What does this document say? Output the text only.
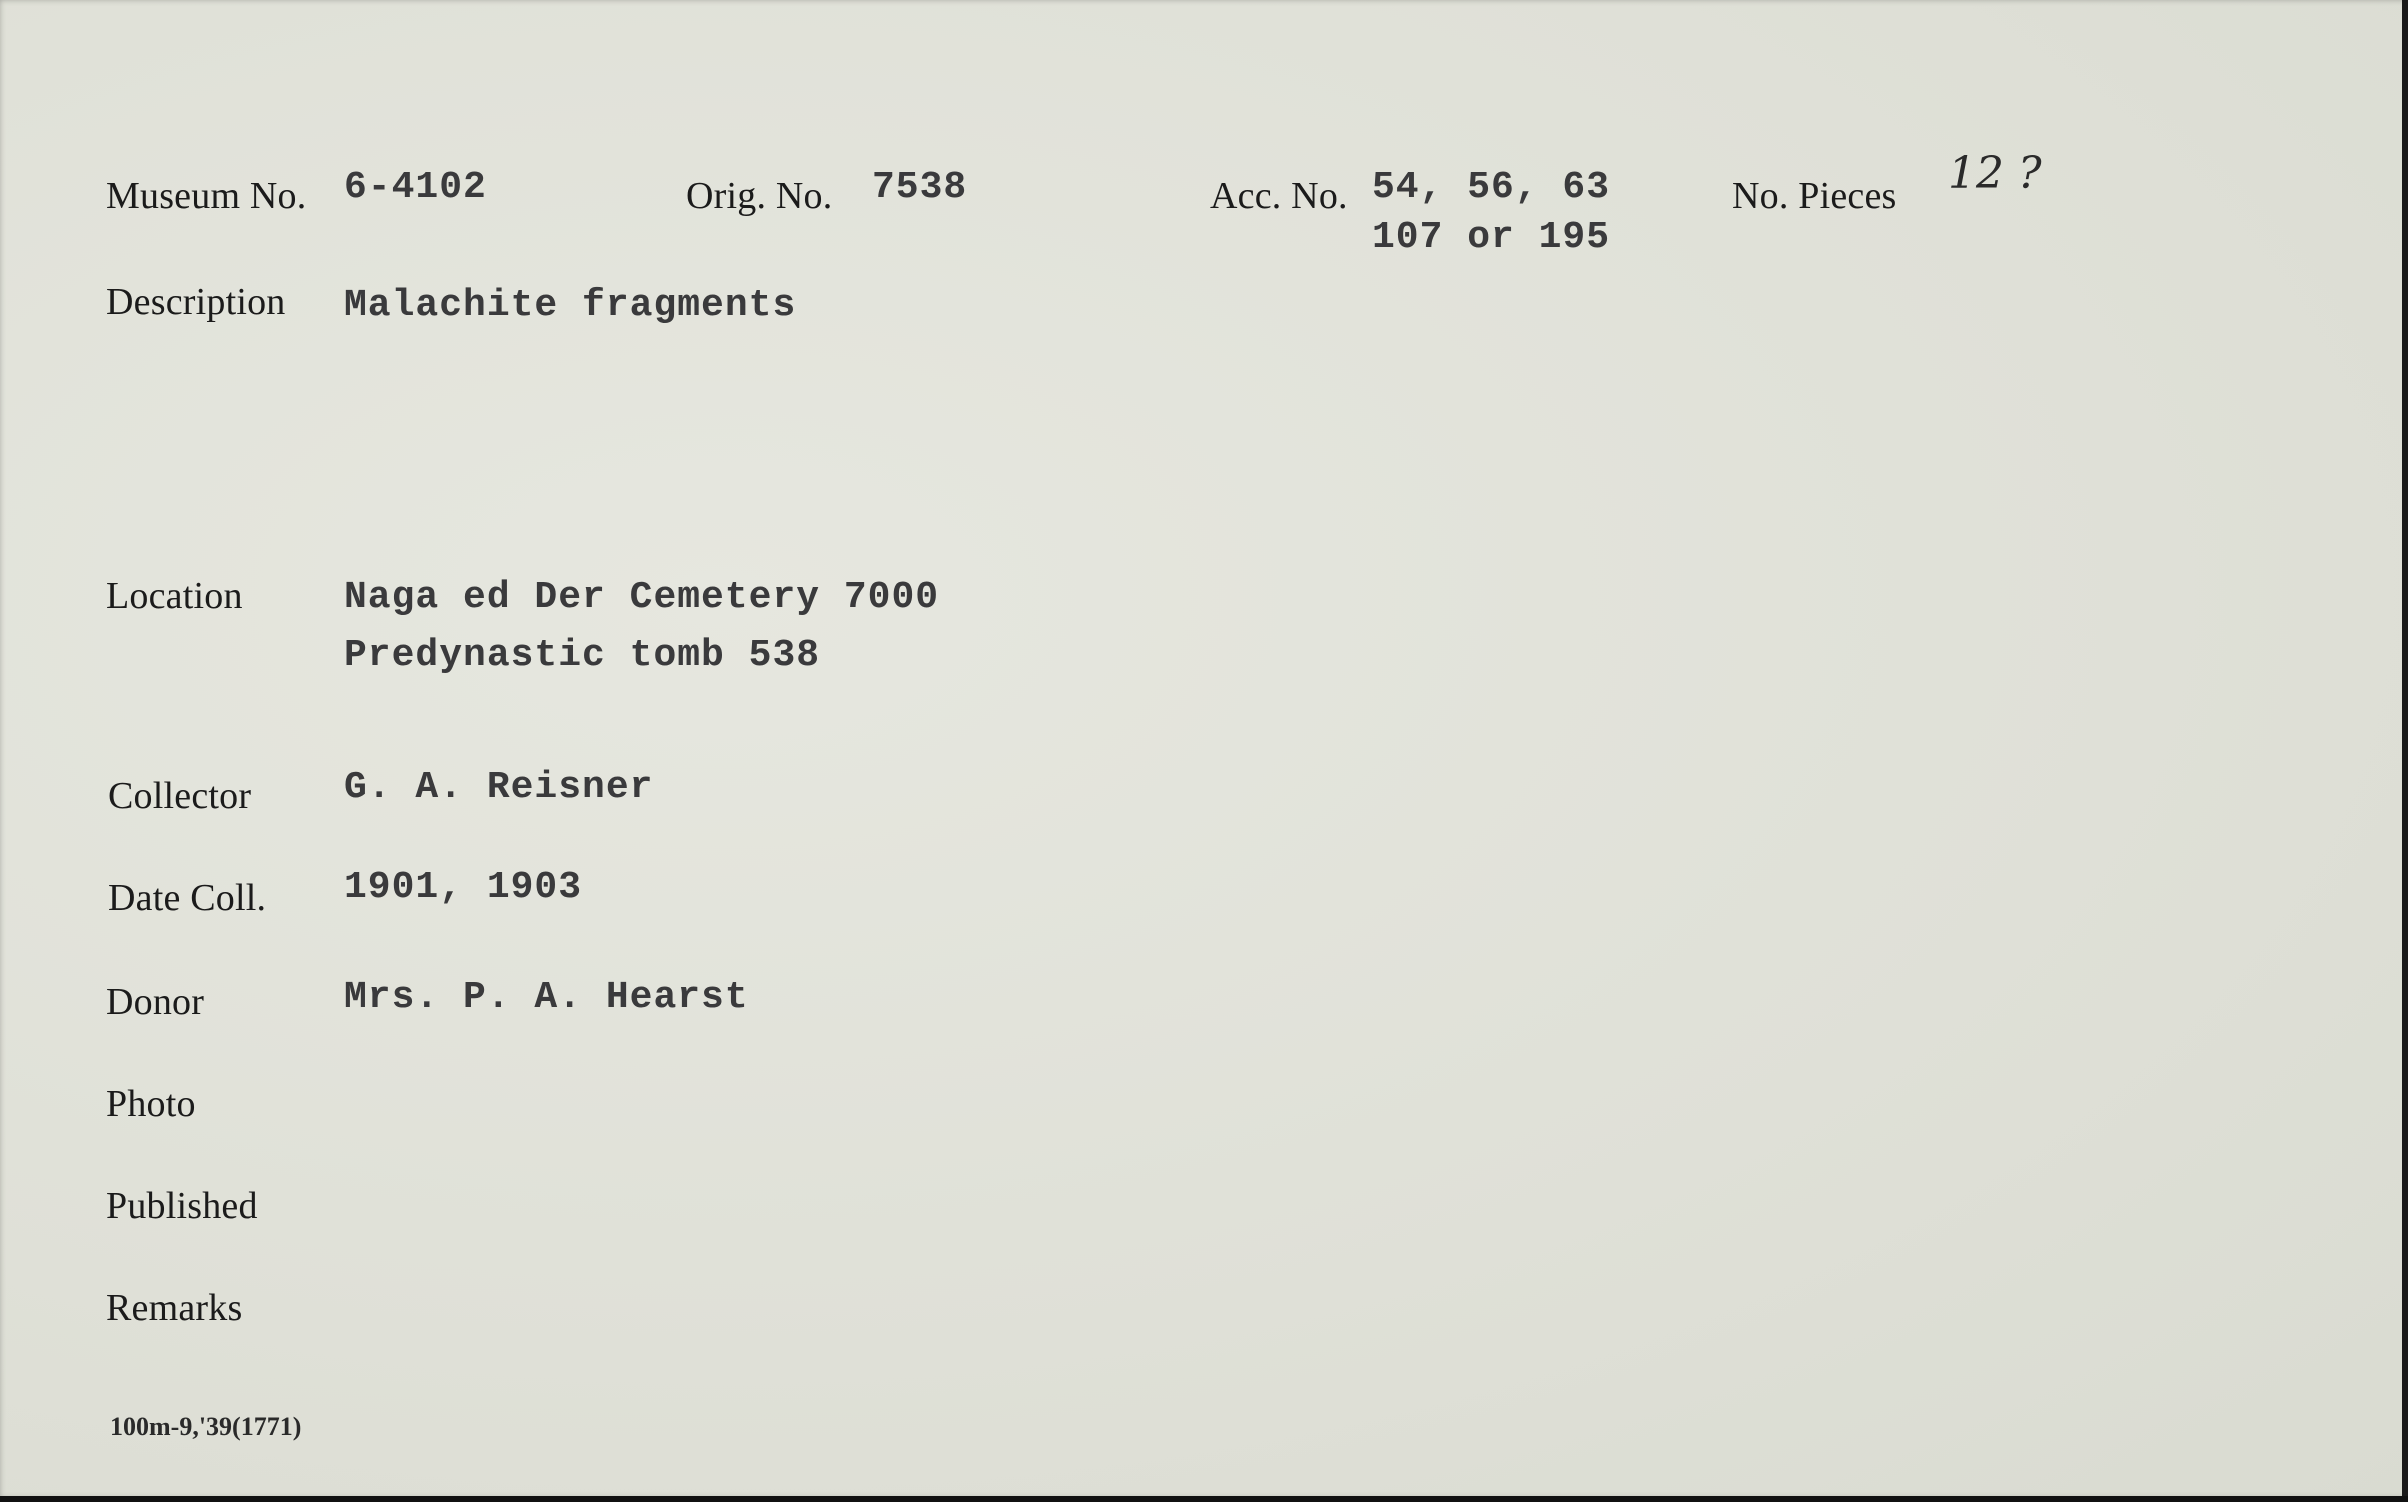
Museum No. 6-4102	Orig. No. 7538	Acc. No. 54, 56, 63
107 or 195
No. Pieces 12 ?
Description Malachite fragments
Location	Naga ed Der Cemetery 7000
Predynastic tomb 538
Collector G. A. Reisner
Date Coll. 1901, 1903
Donor	Mrs. P. A. Hearst
Photo
Published
Remarks
100m-9,'39(1771)
